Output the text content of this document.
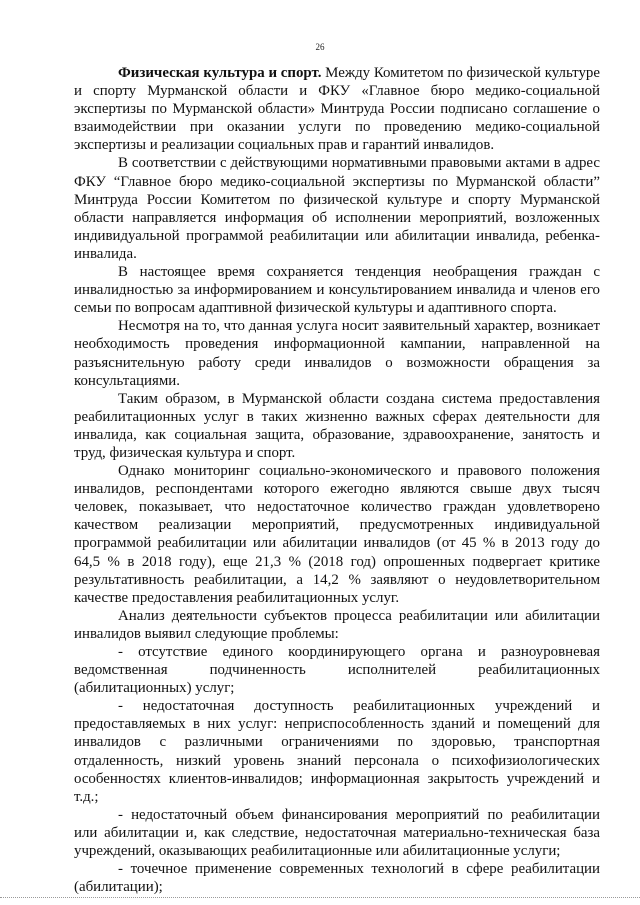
26

Физическая культура и спорт. Между Комитетом по физической культуре и спорту Мурманской области и ФКУ «Главное бюро медико-социальной экспертизы по Мурманской области» Минтруда России подписано соглашение о взаимодействии при оказании услуги по проведению медико-социальной экспертизы и реализации социальных прав и гарантий инвалидов.

В соответствии с действующими нормативными правовыми актами в адрес ФКУ “Главное бюро медико-социальной экспертизы по Мурманской области” Минтруда России Комитетом по физической культуре и спорту Мурманской области направляется информация об исполнении мероприятий, возложенных индивидуальной программой реабилитации или абилитации инвалида, ребенка-инвалида.

В настоящее время сохраняется тенденция необращения граждан с инвалидностью за информированием и консультированием инвалида и членов его семьи по вопросам адаптивной физической культуры и адаптивного спорта.

Несмотря на то, что данная услуга носит заявительный характер, возникает необходимость проведения информационной кампании, направленной на разъяснительную работу среди инвалидов о возможности обращения за консультациями.

Таким образом, в Мурманской области создана система предоставления реабилитационных услуг в таких жизненно важных сферах деятельности для инвалида, как социальная защита, образование, здравоохранение, занятость и труд, физическая культура и спорт.

Однако мониторинг социально-экономического и правового положения инвалидов, респондентами которого ежегодно являются свыше двух тысяч человек, показывает, что недостаточное количество граждан удовлетворено качеством реализации мероприятий, предусмотренных индивидуальной программой реабилитации или абилитации инвалидов (от 45 % в 2013 году до 64,5 % в 2018 году), еще 21,3 % (2018 год) опрошенных подвергает критике результативность реабилитации, а 14,2 % заявляют о неудовлетворительном качестве предоставления реабилитационных услуг.

Анализ деятельности субъектов процесса реабилитации или абилитации инвалидов выявил следующие проблемы:

- отсутствие единого координирующего органа и разноуровневая ведомственная подчиненность исполнителей реабилитационных (абилитационных) услуг;

- недостаточная доступность реабилитационных учреждений и предоставляемых в них услуг: неприспособленность зданий и помещений для инвалидов с различными ограничениями по здоровью, транспортная отдаленность, низкий уровень знаний персонала о психофизиологических особенностях клиентов-инвалидов; информационная закрытость учреждений и т.д.;

- недостаточный объем финансирования мероприятий по реабилитации или абилитации и, как следствие, недостаточная материально-техническая база учреждений, оказывающих реабилитационные или абилитационные услуги;

- точечное применение современных технологий в сфере реабилитации (абилитации);
